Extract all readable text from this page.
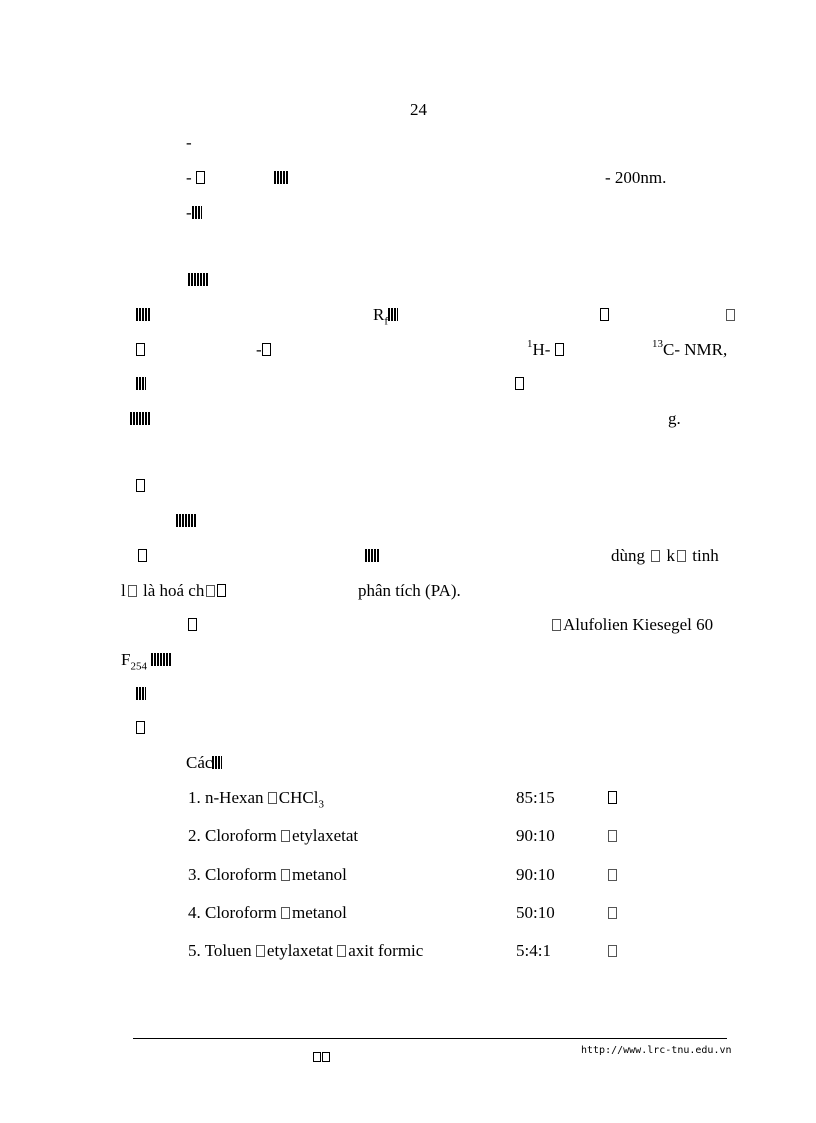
24
-
-	- 200nm.
-
$R_f$
-	$^1$H-	$^{13}$C- NMR,
g.
dùng  k tinh
l là hoá ch	phân tích (PA).
Alufolien Kiesegel 60
$F_{254}$
Các
1. n-Hexan CHCl$_3$	85:15
2. Cloroform etylaxetat	90:10
3. Cloroform metanol	90:10
4. Cloroform metanol	50:10
5. Toluen etylaxetat axit formic	5:4:1
http://www.lrc-tnu.edu.vn
